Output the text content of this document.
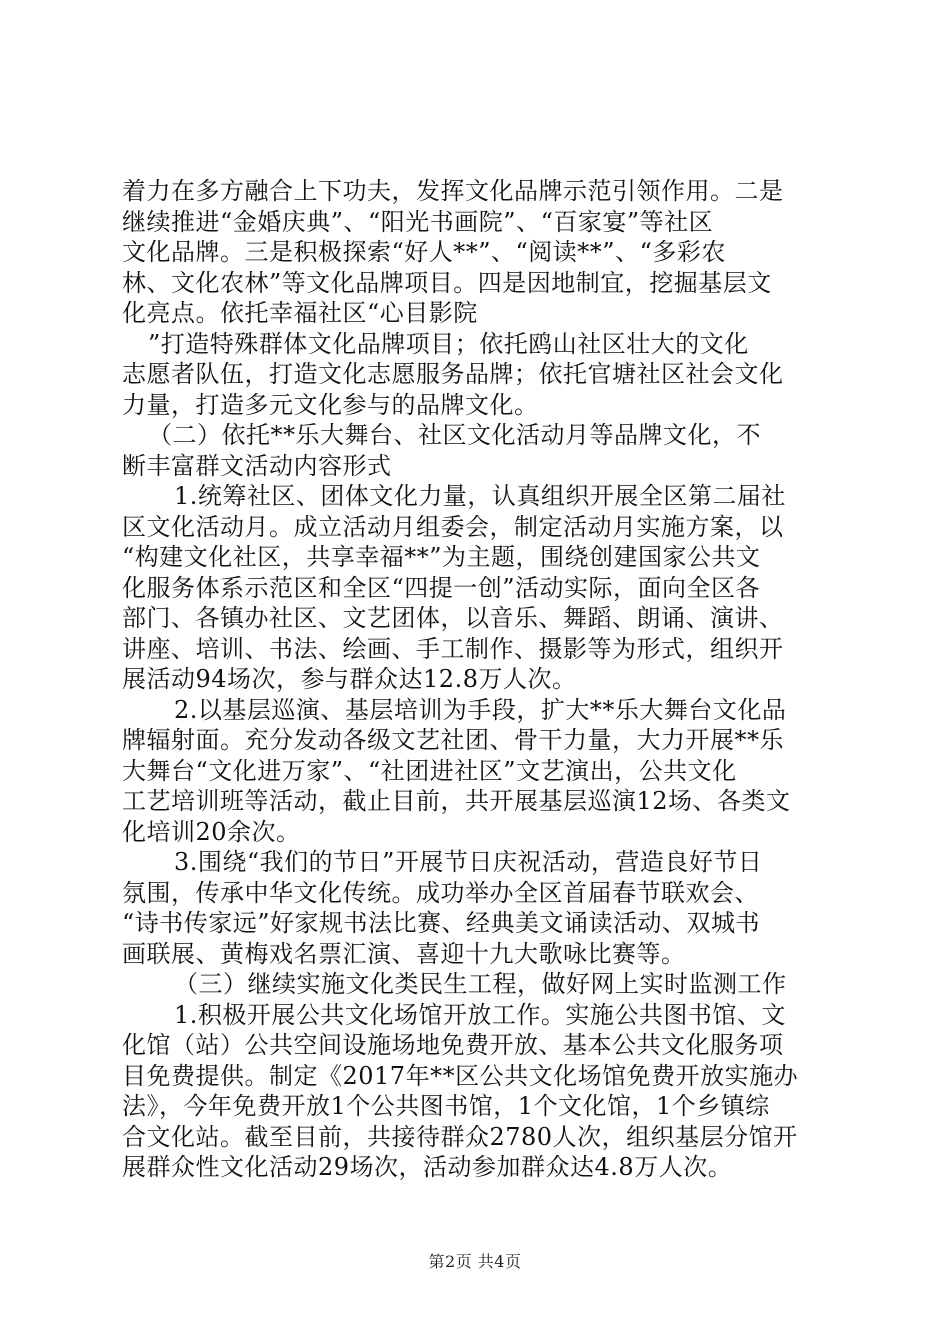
着力在多方融合上下功夫，发挥文化品牌示范引领作用。二是
继续推进“金婚庆典”、“阳光书画院”、“百家宴”等社区
文化品牌。三是积极探索“好人**”、“阅读**”、“多彩农
林、文化农林”等文化品牌项目。四是因地制宜，挖掘基层文
化亮点。依托幸福社区“心目影院
”打造特殊群体文化品牌项目；依托鸥山社区壮大的文化
志愿者队伍，打造文化志愿服务品牌；依托官塘社区社会文化
力量，打造多元文化参与的品牌文化。
（二）依托**乐大舞台、社区文化活动月等品牌文化，不
断丰富群文活动内容形式
1.统筹社区、团体文化力量，认真组织开展全区第二届社
区文化活动月。成立活动月组委会，制定活动月实施方案，以
“构建文化社区，共享幸福**”为主题，围绕创建国家公共文
化服务体系示范区和全区“四提一创”活动实际，面向全区各
部门、各镇办社区、文艺团体，以音乐、舞蹈、朗诵、演讲、
讲座、培训、书法、绘画、手工制作、摄影等为形式，组织开
展活动94场次，参与群众达12.8万人次。
2.以基层巡演、基层培训为手段，扩大**乐大舞台文化品
牌辐射面。充分发动各级文艺社团、骨干力量，大力开展**乐
大舞台“文化进万家”、“社团进社区”文艺演出，公共文化
工艺培训班等活动，截止目前，共开展基层巡演12场、各类文
化培训20余次。
3.围绕“我们的节日”开展节日庆祝活动，营造良好节日
氛围，传承中华文化传统。成功举办全区首届春节联欢会、
“诗书传家远”好家规书法比赛、经典美文诵读活动、双城书
画联展、黄梅戏名票汇演、喜迎十九大歌咏比赛等。
（三）继续实施文化类民生工程，做好网上实时监测工作
1.积极开展公共文化场馆开放工作。实施公共图书馆、文
化馆（站）公共空间设施场地免费开放、基本公共文化服务项
目免费提供。制定《2017年**区公共文化场馆免费开放实施办
法》，今年免费开放1个公共图书馆，1个文化馆，1个乡镇综
合文化站。截至目前，共接待群众2780人次，组织基层分馆开
展群众性文化活动29场次，活动参加群众达4.8万人次。
第2页 共4页
